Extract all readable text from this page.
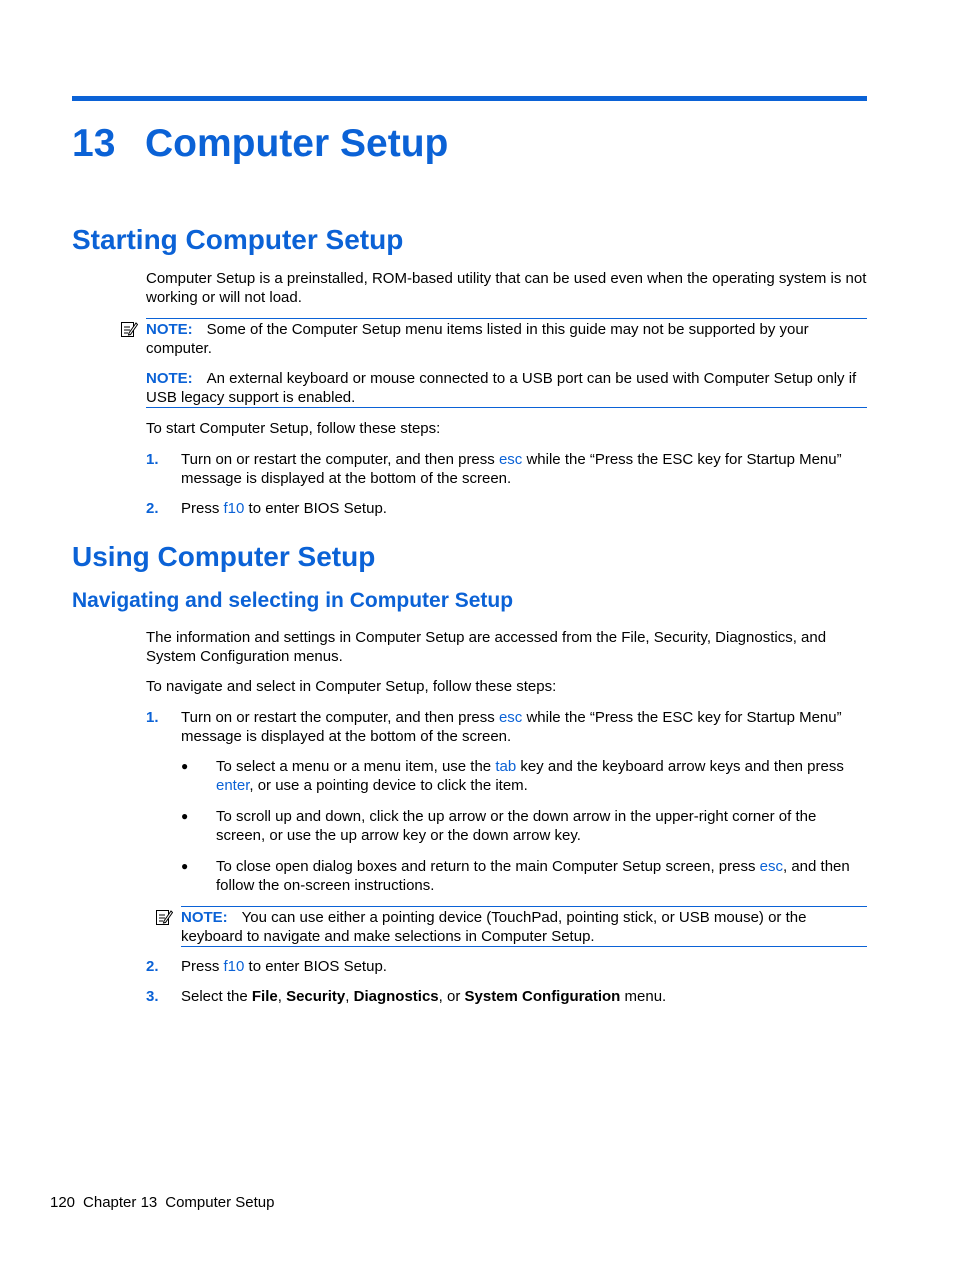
13 Computer Setup
Starting Computer Setup
Computer Setup is a preinstalled, ROM-based utility that can be used even when the operating system is not working or will not load.
NOTE: Some of the Computer Setup menu items listed in this guide may not be supported by your computer.
NOTE: An external keyboard or mouse connected to a USB port can be used with Computer Setup only if USB legacy support is enabled.
To start Computer Setup, follow these steps:
1. Turn on or restart the computer, and then press esc while the “Press the ESC key for Startup Menu” message is displayed at the bottom of the screen.
2. Press f10 to enter BIOS Setup.
Using Computer Setup
Navigating and selecting in Computer Setup
The information and settings in Computer Setup are accessed from the File, Security, Diagnostics, and System Configuration menus.
To navigate and select in Computer Setup, follow these steps:
1. Turn on or restart the computer, and then press esc while the “Press the ESC key for Startup Menu” message is displayed at the bottom of the screen.
● To select a menu or a menu item, use the tab key and the keyboard arrow keys and then press enter, or use a pointing device to click the item.
● To scroll up and down, click the up arrow or the down arrow in the upper-right corner of the screen, or use the up arrow key or the down arrow key.
● To close open dialog boxes and return to the main Computer Setup screen, press esc, and then follow the on-screen instructions.
NOTE: You can use either a pointing device (TouchPad, pointing stick, or USB mouse) or the keyboard to navigate and make selections in Computer Setup.
2. Press f10 to enter BIOS Setup.
3. Select the File, Security, Diagnostics, or System Configuration menu.
120 Chapter 13 Computer Setup
